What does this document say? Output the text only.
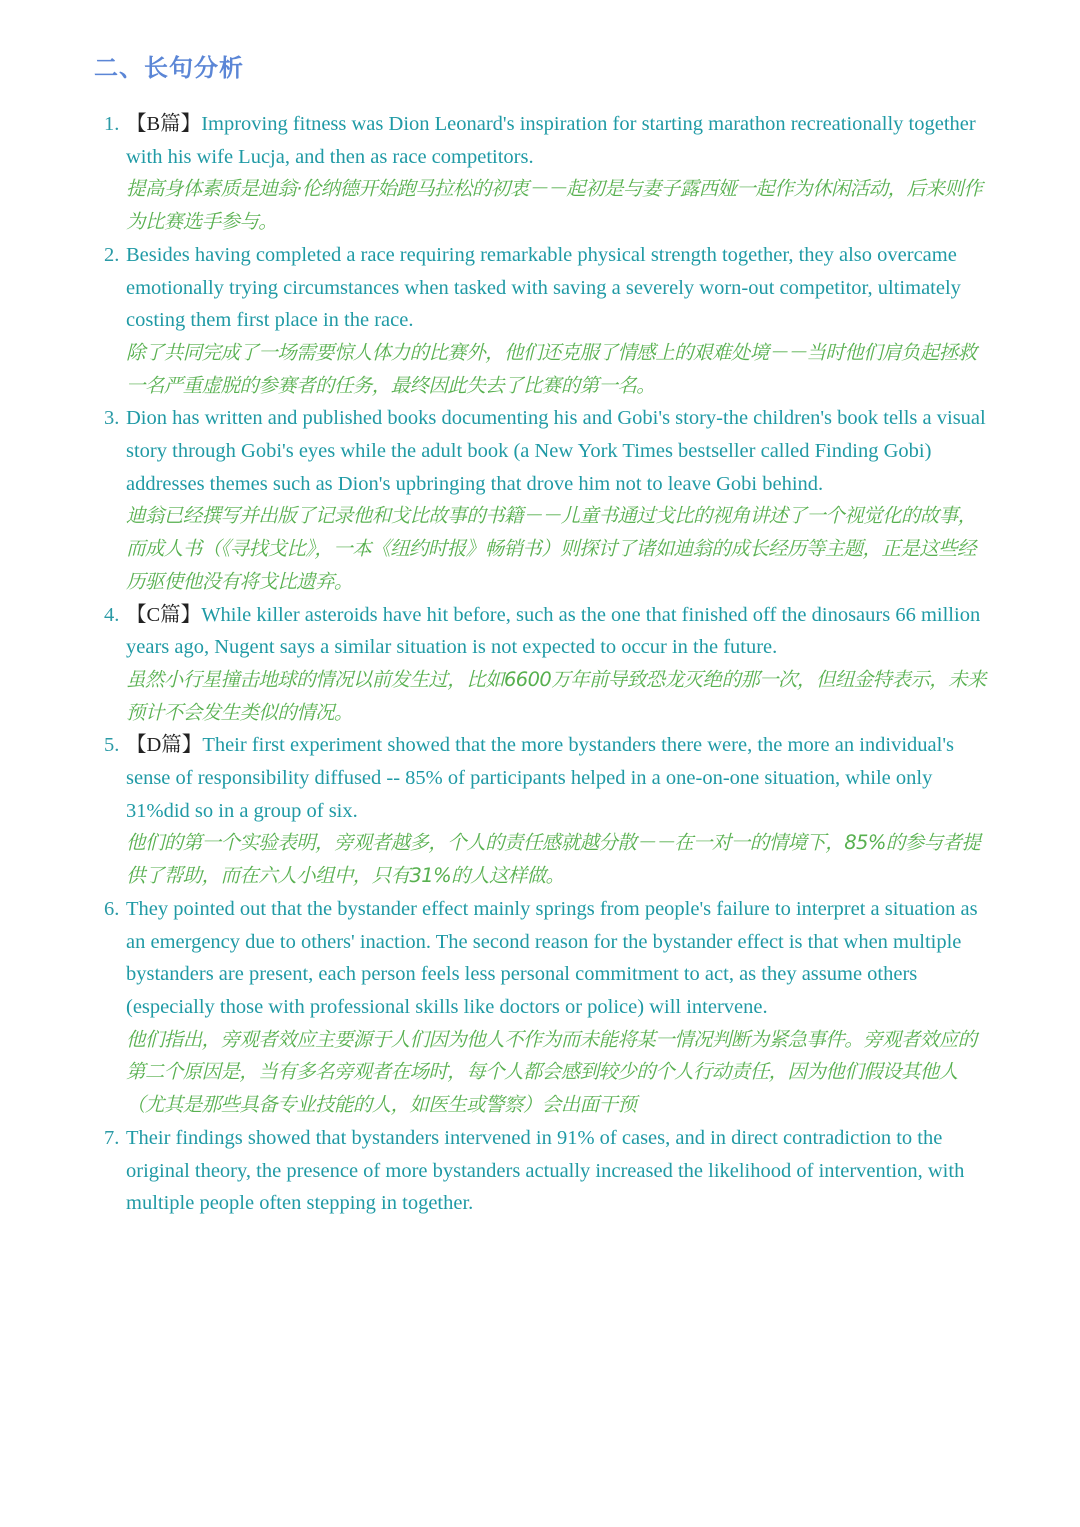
二、长句分析
1. 【B篇】Improving fitness was Dion Leonard's inspiration for starting marathon recreationally together with his wife Lucja, and then as race competitors.

提高身体素质是迪翁·伦纳德开始跑马拉松的初衷－－起初是与妻子露西娅一起作为休闲活动，后来则作为比赛选手参与。

2. Besides having completed a race requiring remarkable physical strength together, they also overcame emotionally trying circumstances when tasked with saving a severely worn-out competitor, ultimately costing them first place in the race.

除了共同完成了一场需要惊人体力的比赛外，他们还克服了情感上的艰难处境－－当时他们肩负起拯救一名严重虚脱的参赛者的任务，最终因此失去了比赛的第一名。

3. Dion has written and published books documenting his and Gobi's story-the children's book tells a visual story through Gobi's eyes while the adult book (a New York Times bestseller called Finding Gobi) addresses themes such as Dion's upbringing that drove him not to leave Gobi behind.

迪翁已经撰写并出版了记录他和戈比故事的书籍－－儿童书通过戈比的视角讲述了一个视觉化的故事，而成人书（《寻找戈比》，一本《纽约时报》畅销书）则探讨了诸如迪翁的成长经历等主题，正是这些经历驱使他没有将戈比遗弃。

4. 【C篇】While killer asteroids have hit before, such as the one that finished off the dinosaurs 66 million years ago, Nugent says a similar situation is not expected to occur in the future.

虽然小行星撞击地球的情况以前发生过，比如6600万年前导致恐龙灭绝的那一次，但纽金特表示，未来预计不会发生类似的情况。

5. 【D篇】Their first experiment showed that the more bystanders there were, the more an individual's sense of responsibility diffused -- 85% of participants helped in a one-on-one situation, while only 31%did so in a group of six.

他们的第一个实验表明，旁观者越多，个人的责任感就越分散－－在一对一的情境下，85%的参与者提供了帮助，而在六人小组中，只有31%的人这样做。

6. They pointed out that the bystander effect mainly springs from people's failure to interpret a situation as an emergency due to others' inaction. The second reason for the bystander effect is that when multiple bystanders are present, each person feels less personal commitment to act, as they assume others (especially those with professional skills like doctors or police) will intervene.

他们指出，旁观者效应主要源于人们因为他人不作为而未能将某一情况判断为紧急事件。旁观者效应的第二个原因是，当有多名旁观者在场时，每个人都会感到较少的个人行动责任，因为他们假设其他人（尤其是那些具备专业技能的人，如医生或警察）会出面干预

7. Their findings showed that bystanders intervened in 91% of cases, and in direct contradiction to the original theory, the presence of more bystanders actually increased the likelihood of intervention, with multiple people often stepping in together.
